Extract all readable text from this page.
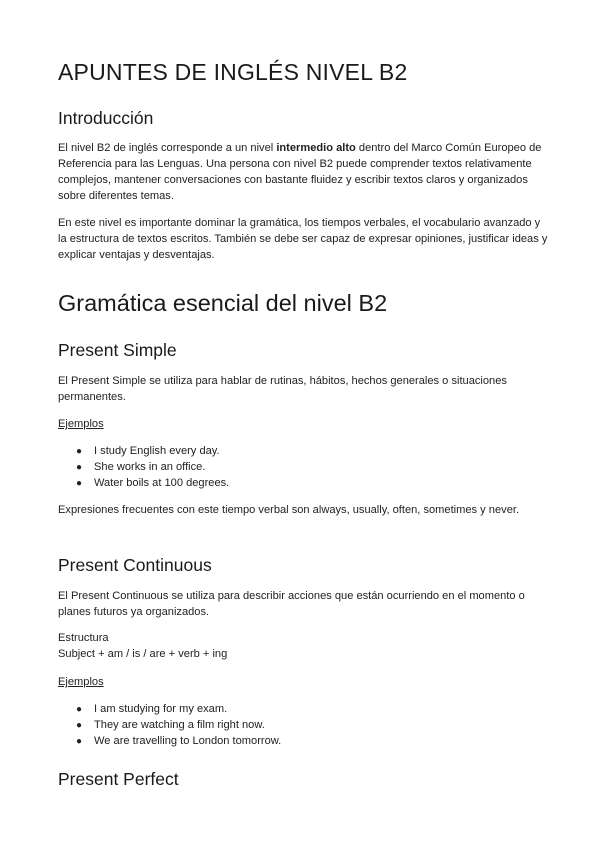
APUNTES DE INGLÉS NIVEL B2
Introducción

El nivel B2 de inglés corresponde a un nivel intermedio alto dentro del Marco Común Europeo de Referencia para las Lenguas. Una persona con nivel B2 puede comprender textos relativamente complejos, mantener conversaciones con bastante fluidez y escribir textos claros y organizados sobre diferentes temas.

En este nivel es importante dominar la gramática, los tiempos verbales, el vocabulario avanzado y la estructura de textos escritos. También se debe ser capaz de expresar opiniones, justificar ideas y explicar ventajas y desventajas.

Gramática esencial del nivel B2
Present Simple

El Present Simple se utiliza para hablar de rutinas, hábitos, hechos generales o situaciones permanentes.

Ejemplos

● I study English every day.
● She works in an office.
● Water boils at 100 degrees.

Expresiones frecuentes con este tiempo verbal son always, usually, often, sometimes y never.

Present Continuous

El Present Continuous se utiliza para describir acciones que están ocurriendo en el momento o planes futuros ya organizados.

Estructura

Subject + am / is / are + verb + ing

Ejemplos

● I am studying for my exam.
● They are watching a film right now.
● We are travelling to London tomorrow.
Present Perfect
